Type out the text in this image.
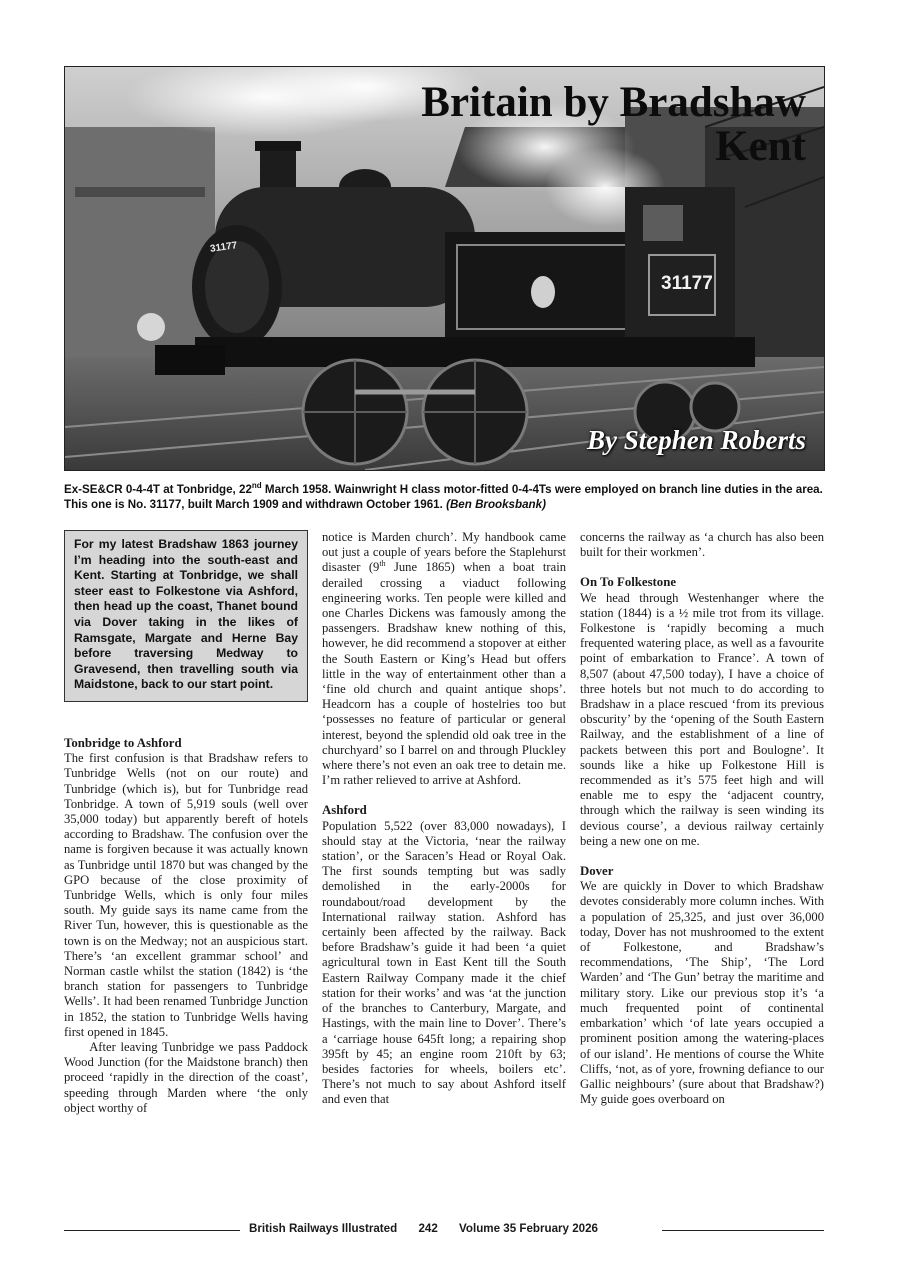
31177
31177
Britain by Bradshaw
Kent
By Stephen Roberts
Ex-SE&CR 0-4-4T at Tonbridge, 22nd March 1958. Wainwright H class motor-fitted 0-4-4Ts were employed on branch line duties in the area. This one is No. 31177, built March 1909 and withdrawn October 1961. (Ben Brooksbank)
For my latest Bradshaw 1863 journey I’m heading into the south-east and Kent. Starting at Tonbridge, we shall steer east to Folkestone via Ashford, then head up the coast, Thanet bound via Dover taking in the likes of Ramsgate, Margate and Herne Bay before traversing Medway to Gravesend, then travelling south via Maidstone, back to our start point.
Tonbridge to Ashford

The first confusion is that Bradshaw refers to Tunbridge Wells (not on our route) and Tunbridge (which is), but for Tunbridge read Tonbridge. A town of 5,919 souls (well over 35,000 today) but apparently bereft of hotels according to Bradshaw. The confusion over the name is forgiven because it was actually known as Tunbridge until 1870 but was changed by the GPO because of the close proximity of Tunbridge Wells, which is only four miles south. My guide says its name came from the River Tun, however, this is questionable as the town is on the Medway; not an auspicious start. There’s ‘an excellent grammar school’ and Norman castle whilst the station (1842) is ‘the branch station for passengers to Tunbridge Wells’. It had been renamed Tunbridge Junction in 1852, the station to Tunbridge Wells having first opened in 1845.

After leaving Tunbridge we pass Paddock Wood Junction (for the Maidstone branch) then proceed ‘rapidly in the direction of the coast’, speeding through Marden where ‘the only object worthy of

notice is Marden church’. My handbook came out just a couple of years before the Staplehurst disaster (9th June 1865) when a boat train derailed crossing a viaduct following engineering works. Ten people were killed and one Charles Dickens was famously among the passengers. Bradshaw knew nothing of this, however, he did recommend a stopover at either the South Eastern or King’s Head but offers little in the way of entertainment other than a ‘fine old church and quaint antique shops’. Headcorn has a couple of hostelries too but ‘possesses no feature of particular or general interest, beyond the splendid old oak tree in the churchyard’ so I barrel on and through Pluckley where there’s not even an oak tree to detain me. I’m rather relieved to arrive at Ashford.

Ashford

Population 5,522 (over 83,000 nowadays), I should stay at the Victoria, ‘near the railway station’, or the Saracen’s Head or Royal Oak. The first sounds tempting but was sadly demolished in the early-2000s for roundabout/road development by the International railway station. Ashford has certainly been affected by the railway. Back before Bradshaw’s guide it had been ‘a quiet agricultural town in East Kent till the South Eastern Railway Company made it the chief station for their works’ and was ‘at the junction of the branches to Canterbury, Margate, and Hastings, with the main line to Dover’. There’s a ‘carriage house 645ft long; a repairing shop 395ft by 45; an engine room 210ft by 63; besides factories for wheels, boilers etc’. There’s not much to say about Ashford itself and even that

concerns the railway as ‘a church has also been built for their workmen’.

On To Folkestone

We head through Westenhanger where the station (1844) is a ½ mile trot from its village. Folkestone is ‘rapidly becoming a much frequented watering place, as well as a favourite point of embarkation to France’. A town of 8,507 (about 47,500 today), I have a choice of three hotels but not much to do according to Bradshaw in a place rescued ‘from its previous obscurity’ by the ‘opening of the South Eastern Railway, and the establishment of a line of packets between this port and Boulogne’. It sounds like a hike up Folkestone Hill is recommended as it’s 575 feet high and will enable me to espy the ‘adjacent country, through which the railway is seen winding its devious course’, a devious railway certainly being a new one on me.

Dover

We are quickly in Dover to which Bradshaw devotes considerably more column inches. With a population of 25,325, and just over 36,000 today, Dover has not mushroomed to the extent of Folkestone, and Bradshaw’s recommendations, ‘The Ship’, ‘The Lord Warden’ and ‘The Gun’ betray the maritime and military story. Like our previous stop it’s ‘a much frequented point of continental embarkation’ which ‘of late years occupied a prominent position among the watering-places of our island’. He mentions of course the White Cliffs, ‘not, as of yore, frowning defiance to our Gallic neighbours’ (sure about that Bradshaw?) My guide goes overboard on

British Railways Illustrated 242 Volume 35 February 2026
